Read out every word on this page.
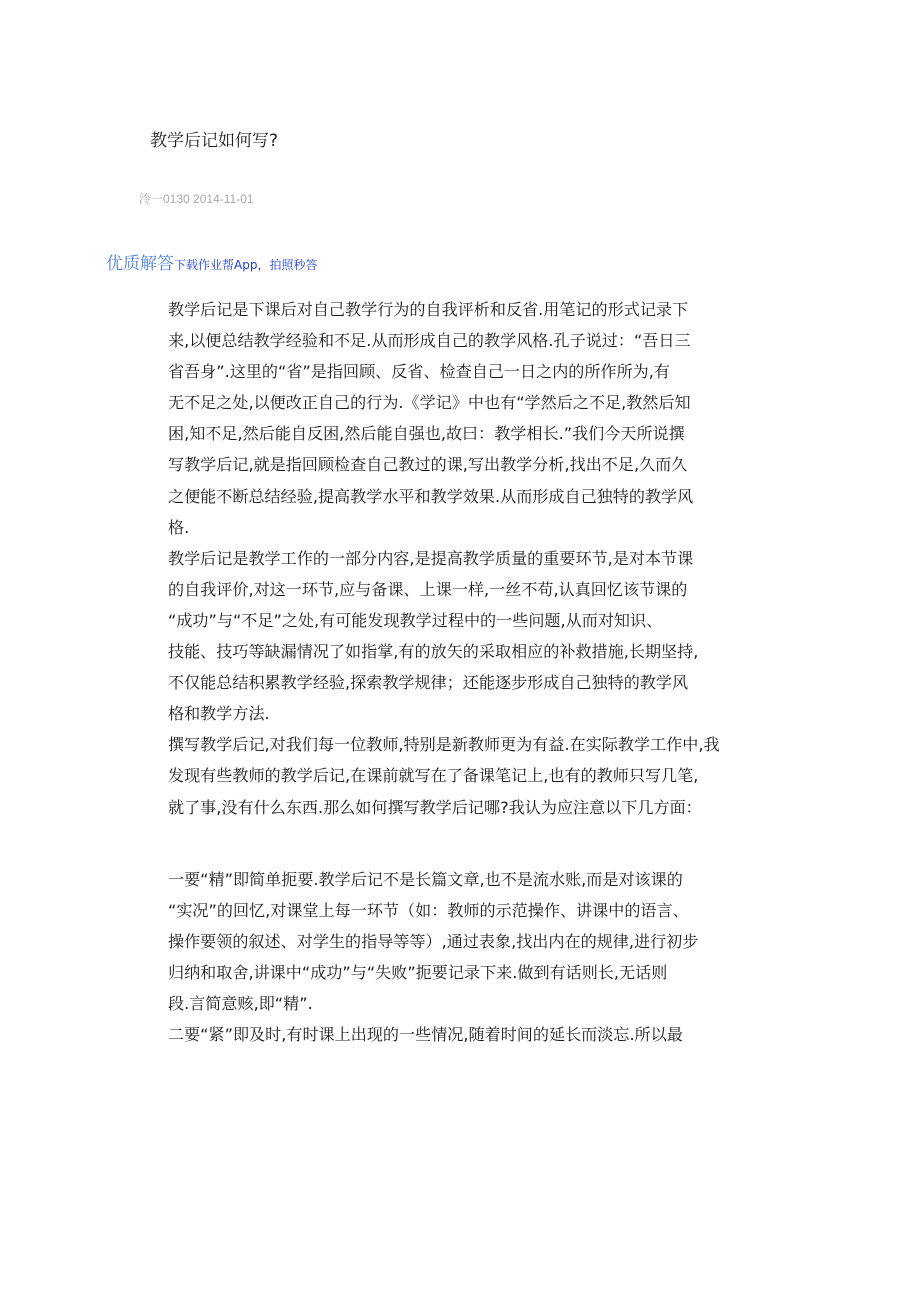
教学后记如何写?
泠一0130 2014-11-01
优质解答下载作业帮App，拍照秒答
教学后记是下课后对自己教学行为的自我评析和反省.用笔记的形式记录下
来,以便总结教学经验和不足.从而形成自己的教学风格.孔子说过：“吾日三
省吾身”.这里的“省”是指回顾、反省、检查自己一日之内的所作所为,有
无不足之处,以便改正自己的行为.《学记》中也有“学然后之不足,教然后知
困,知不足,然后能自反困,然后能自强也,故曰：教学相长.”我们今天所说撰
写教学后记,就是指回顾检查自己教过的课,写出教学分析,找出不足,久而久
之便能不断总结经验,提高教学水平和教学效果.从而形成自己独特的教学风
格.
教学后记是教学工作的一部分内容,是提高教学质量的重要环节,是对本节课
的自我评价,对这一环节,应与备课、上课一样,一丝不苟,认真回忆该节课的
“成功”与“不足”之处,有可能发现教学过程中的一些问题,从而对知识、
技能、技巧等缺漏情况了如指掌,有的放矢的采取相应的补救措施,长期坚持,
不仅能总结积累教学经验,探索教学规律；还能逐步形成自己独特的教学风
格和教学方法.
撰写教学后记,对我们每一位教师,特别是新教师更为有益.在实际教学工作中,我
发现有些教师的教学后记,在课前就写在了备课笔记上,也有的教师只写几笔,
就了事,没有什么东西.那么如何撰写教学后记哪?我认为应注意以下几方面：
一要“精”即简单扼要.教学后记不是长篇文章,也不是流水账,而是对该课的
“实况”的回忆,对课堂上每一环节（如：教师的示范操作、讲课中的语言、
操作要领的叙述、对学生的指导等等）,通过表象,找出内在的规律,进行初步
归纳和取舍,讲课中“成功”与“失败”扼要记录下来.做到有话则长,无话则
段.言简意赅,即“精”.
二要“紧”即及时,有时课上出现的一些情况,随着时间的延长而淡忘.所以最
